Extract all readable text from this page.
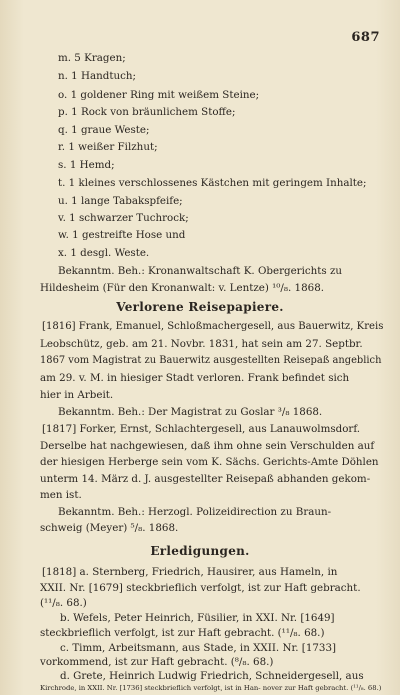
687
m. 5 Kragen;
n. 1 Handtuch;
o. 1 goldener Ring mit weißem Steine;
p. 1 Rock von bräunlichem Stoffe;
q. 1 graue Weste;
r. 1 weißer Filzhut;
s. 1 Hemd;
t. 1 kleines verschlossenes Kästchen mit geringem Inhalte;
u. 1 lange Tabakspfeife;
v. 1 schwarzer Tuchrock;
w. 1 gestreifte Hose und
x. 1 desgl. Weste.
Bekanntm. Beh.: Kronanwaltschaft K. Obergerichts zu
Hildesheim (Für den Kronanwalt: v. Lentze) ¹⁰/₈. 1868.
Verlorene Reisepapiere.
[1816] Frank, Emanuel, Schloßmachergesell, aus Bauerwitz, Kreis
Leobschütz, geb. am 21. Novbr. 1831, hat sein am 27. Septbr.
1867 vom Magistrat zu Bauerwitz ausgestellten Reisepaß angeblich
am 29. v. M. in hiesiger Stadt verloren. Frank befindet sich
hier in Arbeit.
Bekanntm. Beh.: Der Magistrat zu Goslar ³/₈ 1868.
[1817] Forker, Ernst, Schlachtergesell, aus Lanauwolmsdorf.
Derselbe hat nachgewiesen, daß ihm ohne sein Verschulden auf
der hiesigen Herberge sein vom K. Sächs. Gerichts-Amte Döhlen
unterm 14. März d. J. ausgestellter Reisepaß abhanden gekom-
men ist.
Bekanntm. Beh.: Herzogl. Polizeidirection zu Braun-
schweig (Meyer) ⁵/₈. 1868.
Erledigungen.
[1818] a. Sternberg, Friedrich, Hausirer, aus Hameln, in
XXII. Nr. [1679] steckbrieflich verfolgt, ist zur Haft gebracht.
(¹¹/₈. 68.)
b. Wefels, Peter Heinrich, Füsilier, in XXI. Nr. [1649]
steckbrieflich verfolgt, ist zur Haft gebracht. (¹¹/₈. 68.)
c. Timm, Arbeitsmann, aus Stade, in XXII. Nr. [1733]
vorkommend, ist zur Haft gebracht. (⁸/₈. 68.)
d. Grete, Heinrich Ludwig Friedrich, Schneidergesell, aus
Kirchrode, in XXII. Nr. [1736] steckbrieflich verfolgt, ist in Han- nover zur Haft gebracht. (¹¹/₈. 68.)
